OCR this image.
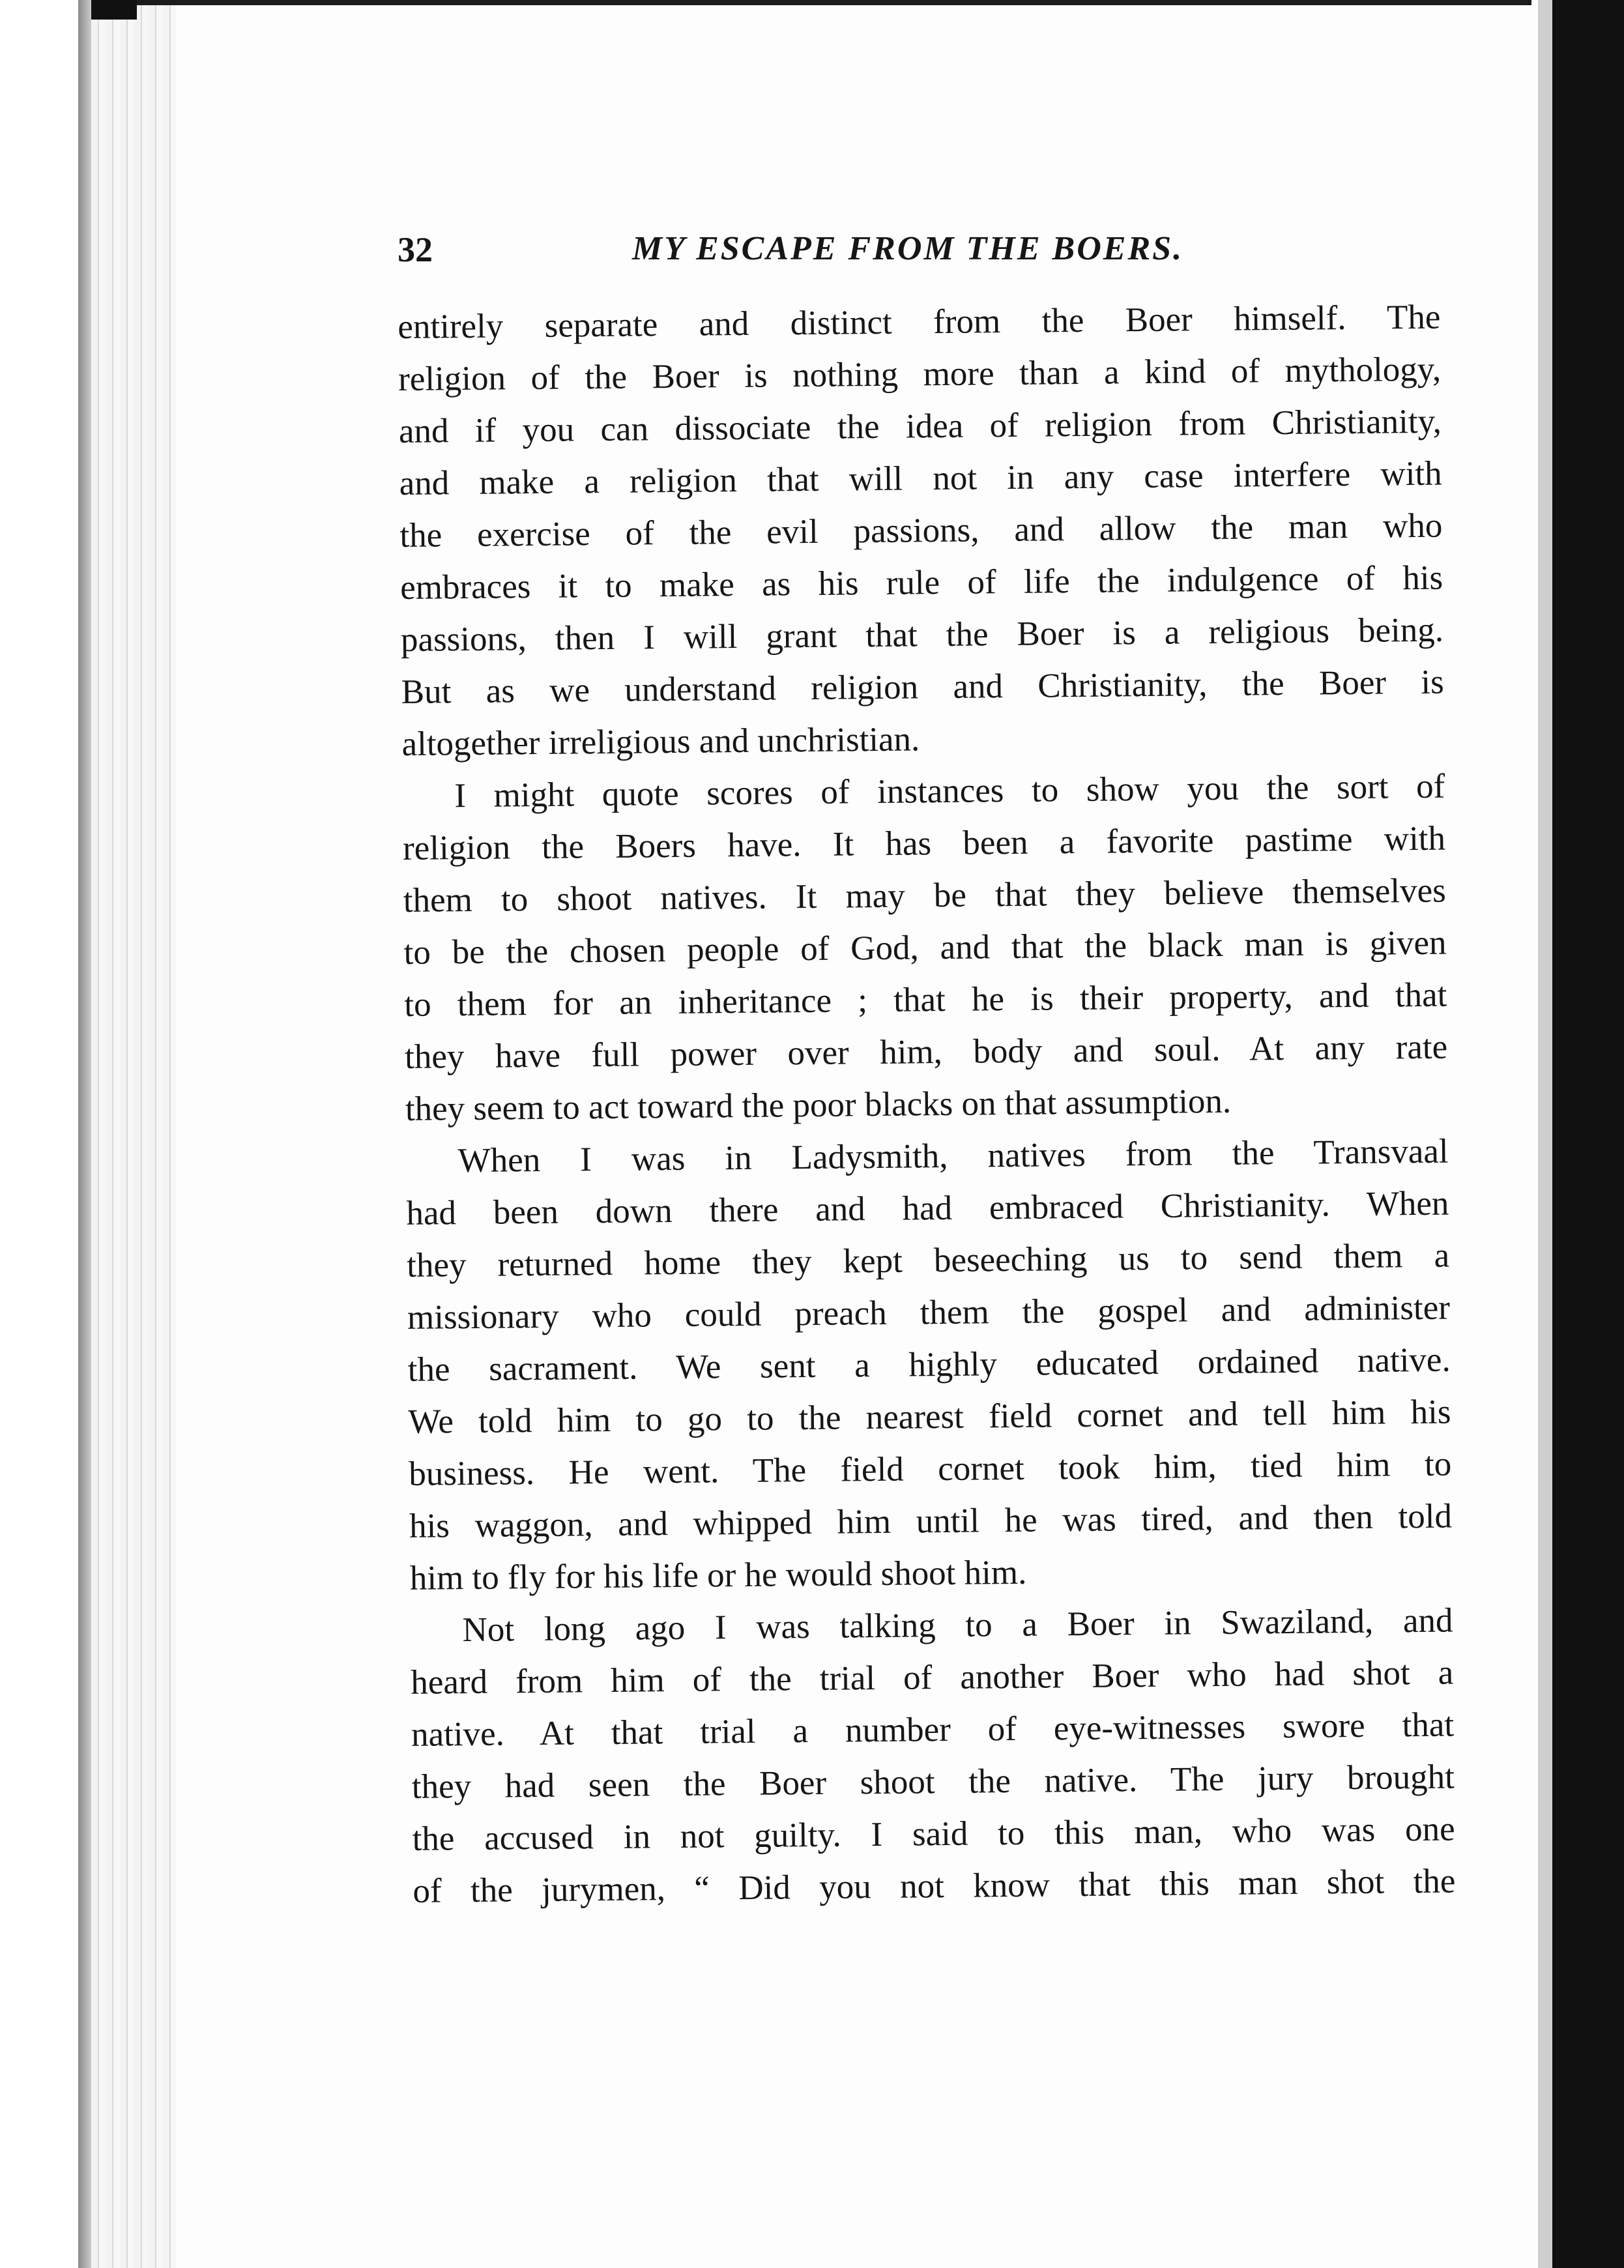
32	MY ESCAPE FROM THE BOERS.
entirely separate and distinct from the Boer himself. The
religion of the Boer is nothing more than a kind of mythology,
and if you can dissociate the idea of religion from Christianity,
and make a religion that will not in any case interfere with
the exercise of the evil passions, and allow the man who
embraces it to make as his rule of life the indulgence of his
passions, then I will grant that the Boer is a religious being.
But as we understand religion and Christianity, the Boer is
altogether irreligious and unchristian.
I might quote scores of instances to show you the sort of
religion the Boers have. It has been a favorite pastime with
them to shoot natives. It may be that they believe themselves
to be the chosen people of God, and that the black man is given
to them for an inheritance ; that he is their property, and that
they have full power over him, body and soul. At any rate
they seem to act toward the poor blacks on that assumption.
When I was in Ladysmith, natives from the Transvaal
had been down there and had embraced Christianity. When
they returned home they kept beseeching us to send them a
missionary who could preach them the gospel and administer
the sacrament. We sent a highly educated ordained native.
We told him to go to the nearest field cornet and tell him his
business. He went. The field cornet took him, tied him to
his waggon, and whipped him until he was tired, and then told
him to fly for his life or he would shoot him.
Not long ago I was talking to a Boer in Swaziland, and
heard from him of the trial of another Boer who had shot a
native. At that trial a number of eye-witnesses swore that
they had seen the Boer shoot the native. The jury brought
the accused in not guilty. I said to this man, who was one
of the jurymen, “ Did you not know that this man shot the
